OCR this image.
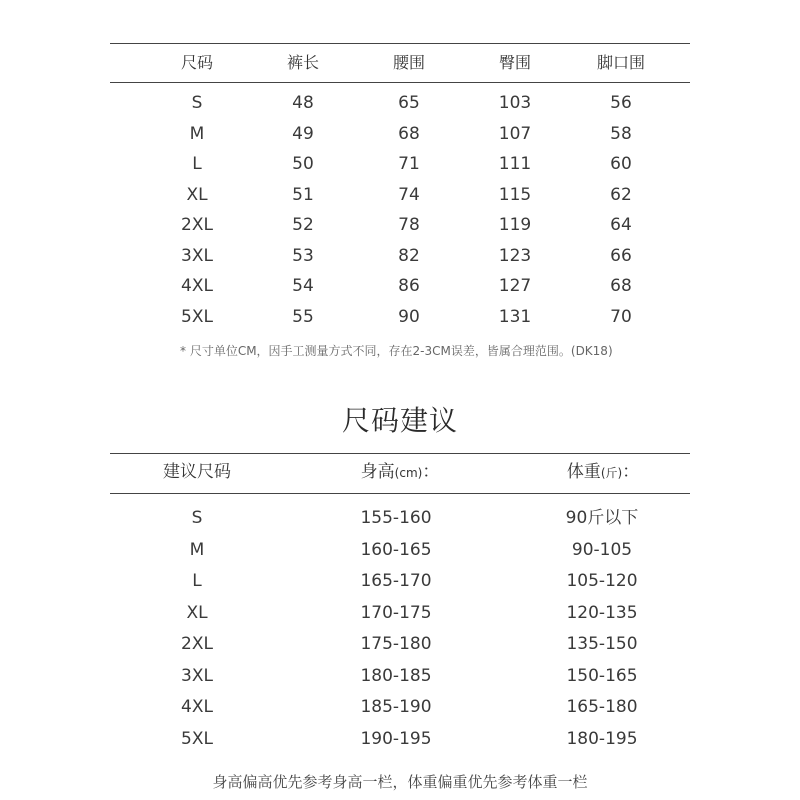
尺码	裤长	腰围	臀围	脚口围
S	48	65	103	56
M	49	68	107	58
L	50	71	111	60
XL	51	74	115	62
2XL	52	78	119	64
3XL	53	82	123	66
4XL	54	86	127	68
5XL	55	90	131	70
* 尺寸单位CM，因手工测量方式不同，存在2-3CM误差，皆属合理范围。(DK18)
尺码建议
建议尺码	身高(cm)：	体重(斤)：
S	155-160	90斤以下
M	160-165	90-105
L	165-170	105-120
XL	170-175	120-135
2XL	175-180	135-150
3XL	180-185	150-165
4XL	185-190	165-180
5XL	190-195	180-195
身高偏高优先参考身高一栏，体重偏重优先参考体重一栏
